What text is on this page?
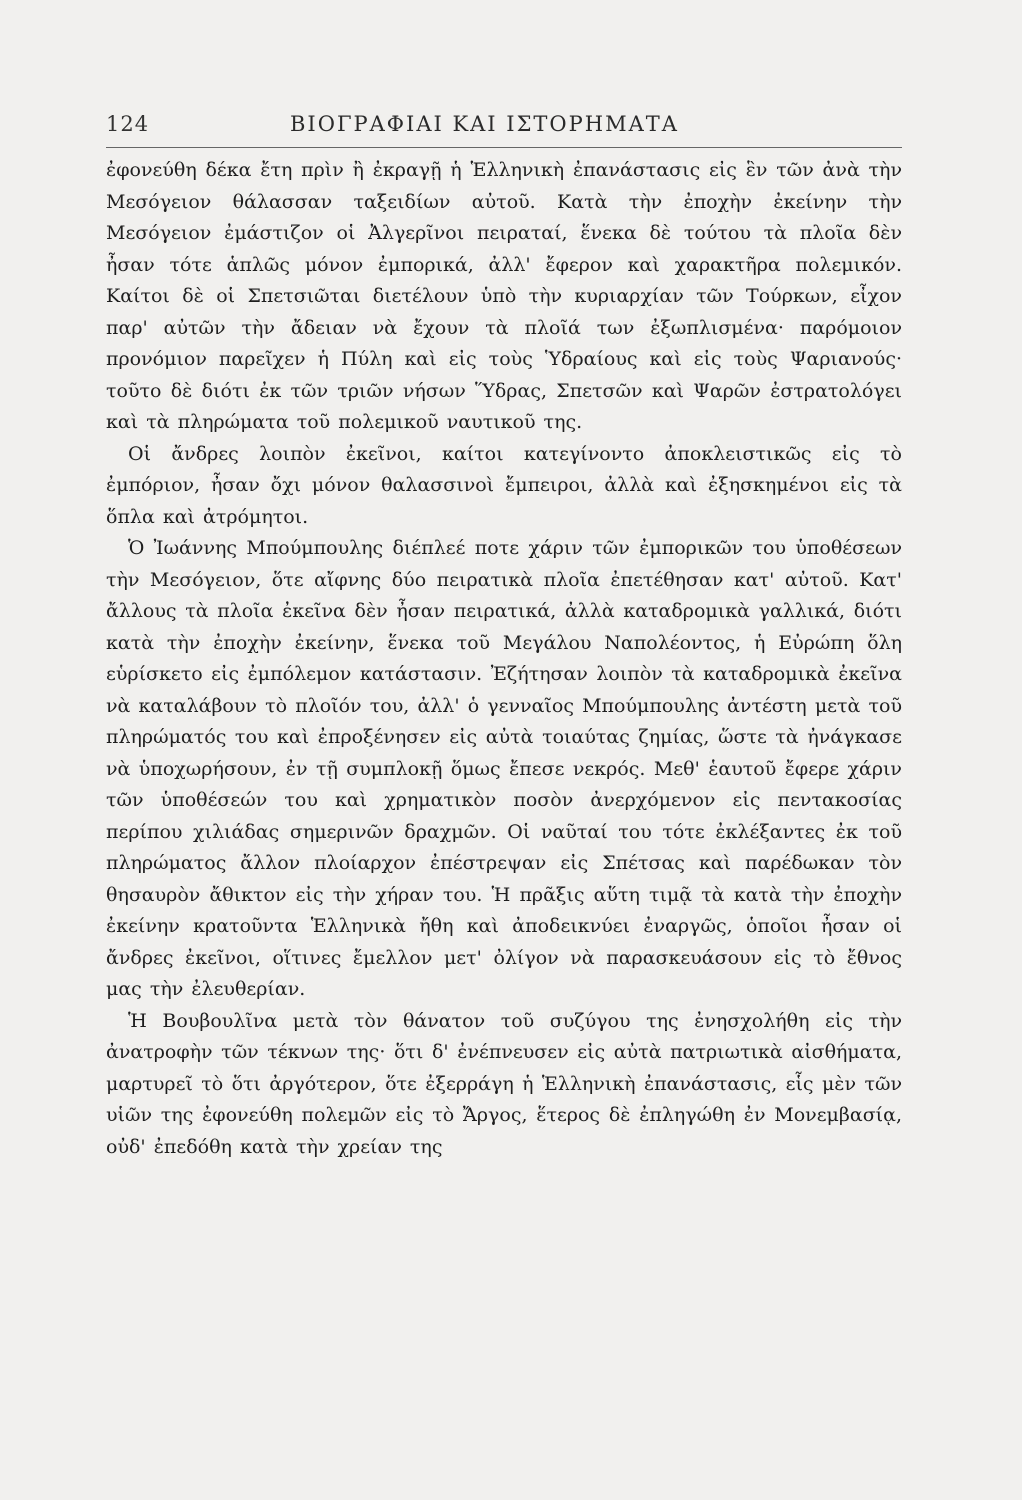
124	ΒΙΟΓΡΑΦΙΑΙ ΚΑΙ ΙΣΤΟΡΗΜΑΤΑ

ἐφονεύθη δέκα ἔτη πρὶν ἢ ἐκραγῇ ἡ Ἑλληνικὴ ἐπανάστασις εἰς ἓν τῶν ἀνὰ τὴν Μεσόγειον θάλασσαν ταξειδίων αὐτοῦ. Κατὰ τὴν ἐποχὴν ἐκείνην τὴν Μεσόγειον ἐμάστιζον οἱ Ἀλγερῖνοι πειραταί, ἕνεκα δὲ τούτου τὰ πλοῖα δὲν ἦσαν τότε ἁπλῶς μόνον ἐμπορικά, ἀλλ' ἔφερον καὶ χαρακτῆρα πολεμικόν. Καίτοι δὲ οἱ Σπετσιῶται διετέλουν ὑπὸ τὴν κυριαρχίαν τῶν Τούρκων, εἶχον παρ' αὐτῶν τὴν ἄδειαν νὰ ἔχουν τὰ πλοῖά των ἐξωπλισμένα· παρόμοιον προνόμιον παρεῖχεν ἡ Πύλη καὶ εἰς τοὺς Ὑδραίους καὶ εἰς τοὺς Ψαριανούς· τοῦτο δὲ διότι ἐκ τῶν τριῶν νήσων Ὕδρας, Σπετσῶν καὶ Ψαρῶν ἐστρατολόγει καὶ τὰ πληρώματα τοῦ πολεμικοῦ ναυτικοῦ της.

Οἱ ἄνδρες λοιπὸν ἐκεῖνοι, καίτοι κατεγίνοντο ἀποκλειστικῶς εἰς τὸ ἐμπόριον, ἦσαν ὄχι μόνον θαλασσινοὶ ἔμπειροι, ἀλλὰ καὶ ἐξησκημένοι εἰς τὰ ὅπλα καὶ ἀτρόμητοι.

Ὁ Ἰωάννης Μπούμπουλης διέπλεέ ποτε χάριν τῶν ἐμπορικῶν του ὑποθέσεων τὴν Μεσόγειον, ὅτε αἴφνης δύο πειρατικὰ πλοῖα ἐπετέθησαν κατ' αὐτοῦ. Κατ' ἄλλους τὰ πλοῖα ἐκεῖνα δὲν ἦσαν πειρατικά, ἀλλὰ καταδρομικὰ γαλλικά, διότι κατὰ τὴν ἐποχὴν ἐκείνην, ἕνεκα τοῦ Μεγάλου Ναπολέοντος, ἡ Εὐρώπη ὅλη εὑρίσκετο εἰς ἐμπόλεμον κατάστασιν. Ἐζήτησαν λοιπὸν τὰ καταδρομικὰ ἐκεῖνα νὰ καταλάβουν τὸ πλοῖόν του, ἀλλ' ὁ γενναῖος Μπούμπουλης ἀντέστη μετὰ τοῦ πληρώματός του καὶ ἐπροξένησεν εἰς αὐτὰ τοιαύτας ζημίας, ὥστε τὰ ἠνάγκασε νὰ ὑποχωρήσουν, ἐν τῇ συμπλοκῇ ὅμως ἔπεσε νεκρός. Μεθ' ἑαυτοῦ ἔφερε χάριν τῶν ὑποθέσεών του καὶ χρηματικὸν ποσὸν ἀνερχόμενον εἰς πεντακοσίας περίπου χιλιάδας σημερινῶν δραχμῶν. Οἱ ναῦταί του τότε ἐκλέξαντες ἐκ τοῦ πληρώματος ἄλλον πλοίαρχον ἐπέστρεψαν εἰς Σπέτσας καὶ παρέδωκαν τὸν θησαυρὸν ἄθικτον εἰς τὴν χήραν του. Ἡ πρᾶξις αὕτη τιμᾷ τὰ κατὰ τὴν ἐποχὴν ἐκείνην κρατοῦντα Ἑλληνικὰ ἤθη καὶ ἀποδεικνύει ἐναργῶς, ὁποῖοι ἦσαν οἱ ἄνδρες ἐκεῖνοι, οἵτινες ἔμελλον μετ' ὀλίγον νὰ παρασκευάσουν εἰς τὸ ἔθνος μας τὴν ἐλευθερίαν.

Ἡ Βουβουλῖνα μετὰ τὸν θάνατον τοῦ συζύγου της ἐνησχολήθη εἰς τὴν ἀνατροφὴν τῶν τέκνων της· ὅτι δ' ἐνέπνευσεν εἰς αὐτὰ πατριωτικὰ αἰσθήματα, μαρτυρεῖ τὸ ὅτι ἀργότερον, ὅτε ἐξερράγη ἡ Ἑλληνικὴ ἐπανάστασις, εἷς μὲν τῶν υἱῶν της ἐφονεύθη πολεμῶν εἰς τὸ Ἄργος, ἕτερος δὲ ἐπληγώθη ἐν Μονεμβασίᾳ, οὐδ' ἐπεδόθη κατὰ τὴν χρείαν της
